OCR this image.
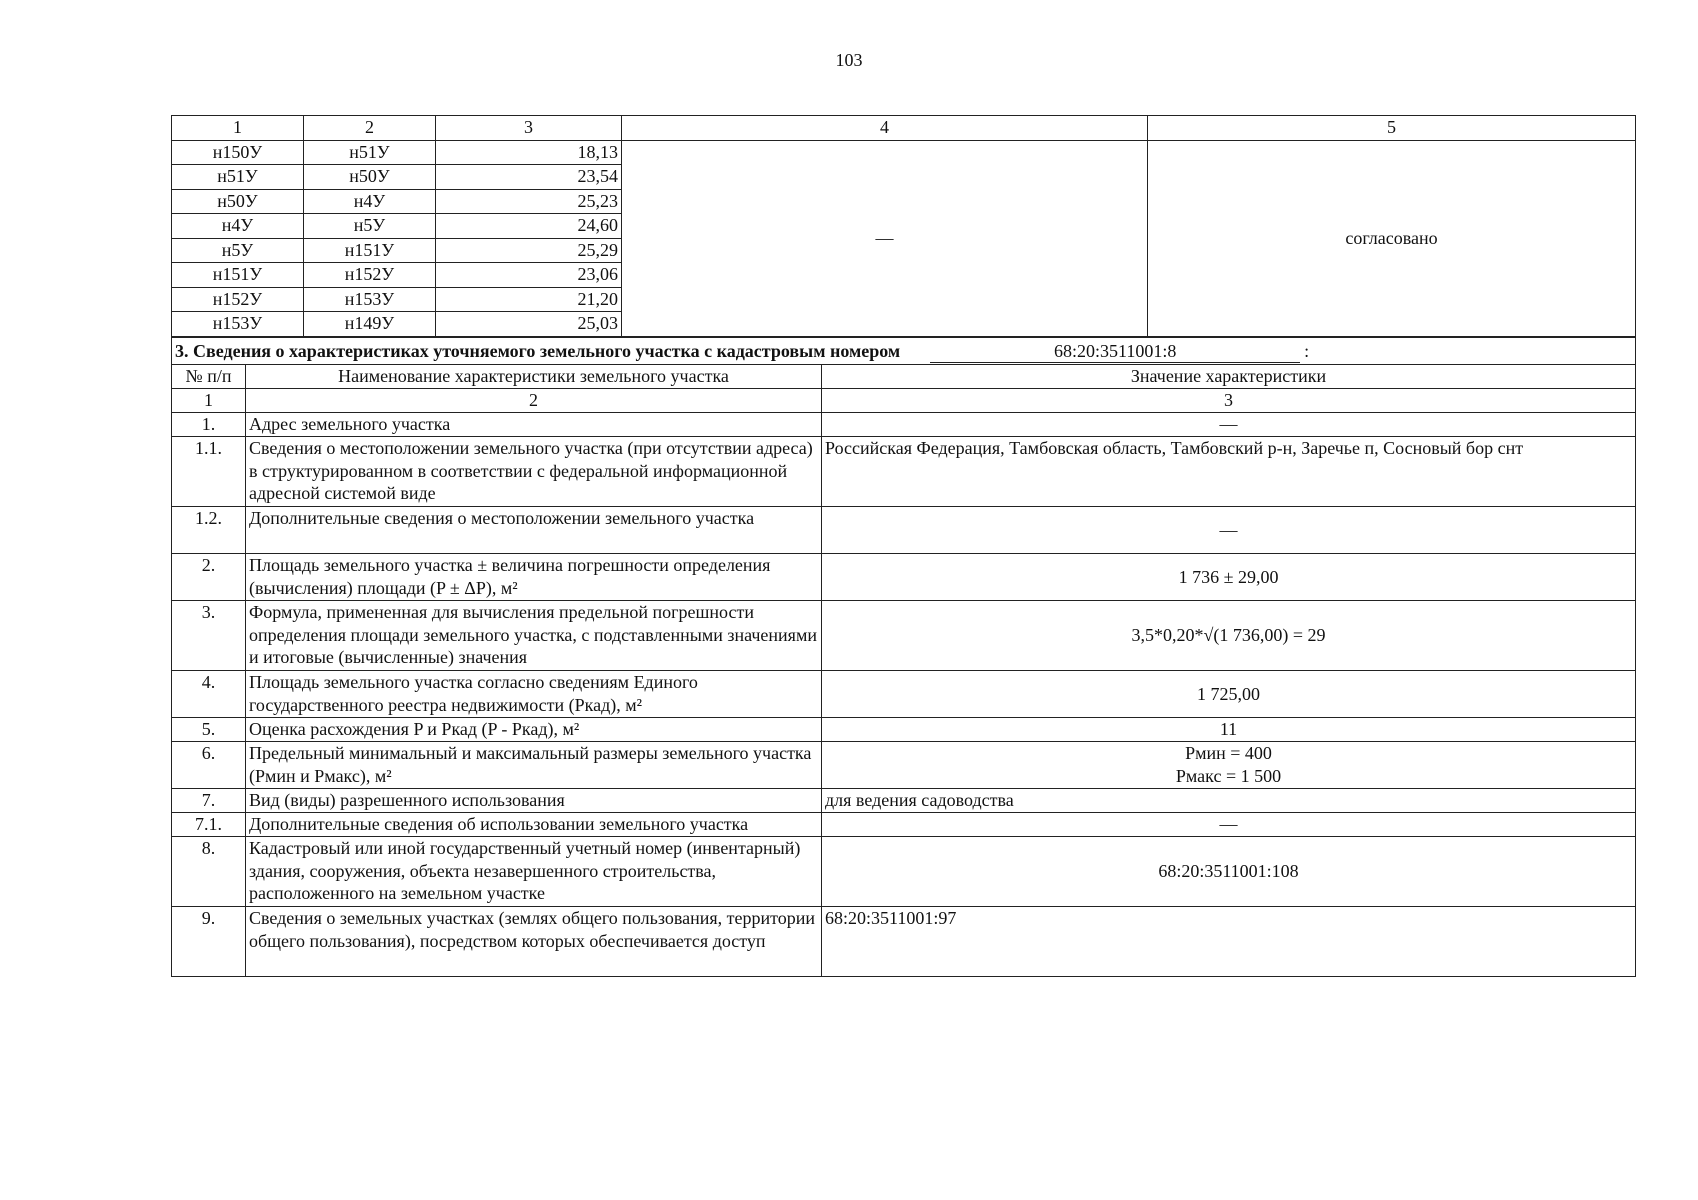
103
1	2	3	4	5
н150У	н51У	18,13	—	согласовано
н51У	н50У	23,54		
н50У	н4У	25,23		
н4У	н5У	24,60		
н5У	н151У	25,29		
н151У	н152У	23,06		
н152У	н153У	21,20		
н153У	н149У	25,03		
3. Сведения о характеристиках уточняемого земельного участка с кадастровым номером 68:20:3511001:8 :		
№ п/п	Наименование характеристики земельного участка	Значение характеристики
1	2	3
1.	Адрес земельного участка	—
1.1.	Сведения о местоположении земельного участка (при отсутствии адреса) в структурированном в соответствии с федеральной информационной адресной системой виде	Российская Федерация, Тамбовская область, Тамбовский р-н, Заречье п, Сосновый бор снт
1.2.	Дополнительные сведения о местоположении земельного участка	—
2.	Площадь земельного участка ± величина погрешности определения (вычисления) площади (P ± ΔP), м²	1 736 ± 29,00
3.	Формула, примененная для вычисления предельной погрешности определения площади земельного участка, с подставленными значениями и итоговые (вычисленные) значения	3,5*0,20*√(1 736,00) = 29
4.	Площадь земельного участка согласно сведениям Единого государственного реестра недвижимости (Pкад), м²	1 725,00
5.	Оценка расхождения P и Pкад (P - Pкад), м²	11
6.	Предельный минимальный и максимальный размеры земельного участка (Pмин и Pмакс), м²	Pмин = 400
Pмакс = 1 500

7.	Вид (виды) разрешенного использования	для ведения садоводства
7.1.	Дополнительные сведения об использовании земельного участка	—
8.	Кадастровый или иной государственный учетный номер (инвентарный) здания, сооружения, объекта незавершенного строительства, расположенного на земельном участке	68:20:3511001:108
9.	Сведения о земельных участках (землях общего пользования, территории общего пользования), посредством которых обеспечивается доступ	68:20:3511001:97
